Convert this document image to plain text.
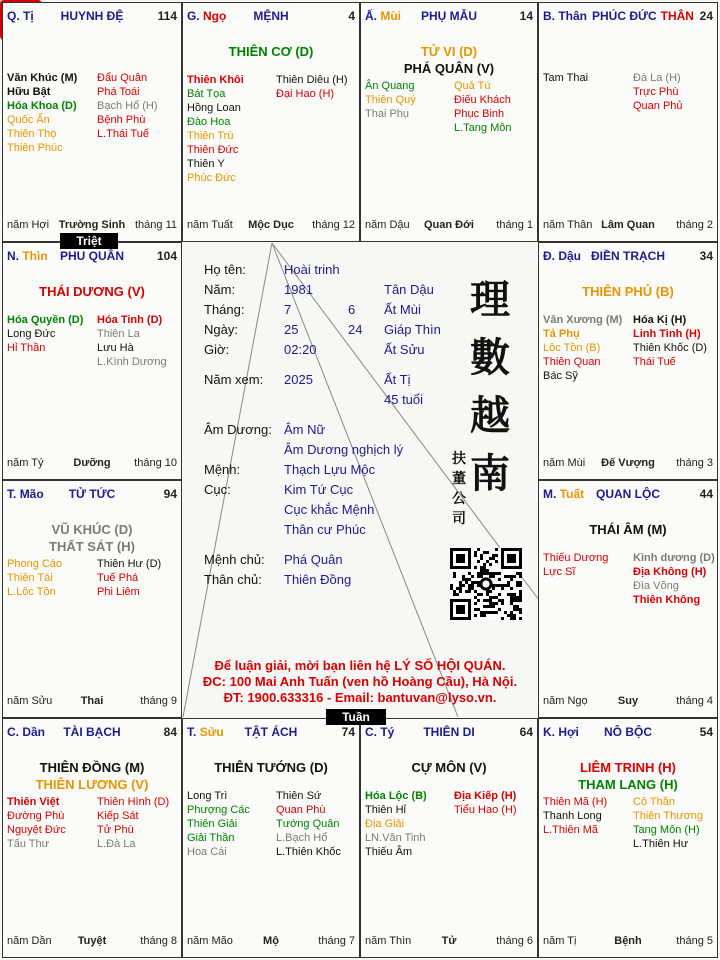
Q. Tị	HUYNH ĐỆ	114
Văn Khúc (M)
Hữu Bật
Hóa Khoa (D)
Quốc Ấn
Thiên Thọ
Thiên Phúc
Đẩu Quân
Phá Toái
Bạch Hổ (H)
Bệnh Phù
L.Thái Tuế
năm Hợi Trường Sinh tháng 11
G. Ngọ	MỆNH	4
THIÊN CƠ (D)
Thiên Khôi
Bát Tọa
Hồng Loan
Đào Hoa
Thiên Trù
Thiên Đức
Thiên Y
Phúc Đức
Thiên Diêu (H)
Đại Hao (H)
năm Tuất	Mộc Dục	tháng 12
Ấ. Mùi	PHỤ MẪU	14
TỬ VI (D)
PHÁ QUÂN (V)
Ân Quang
Thiên Quý
Thai Phụ
Quả Tú
Điếu Khách
Phục Binh
L.Tang Môn
năm Dậu	Quan Đới	tháng 1
B. Thân PHÚC ĐỨC THÂN 24
Tam Thai	Đà La (H)
Trực Phù
Quan Phủ
năm Thân Lâm Quan	tháng 2
N. Thìn	PHU QUÂN	104
THÁI DƯƠNG (V)
Hóa Quyền (D)
Long Đức
Hỉ Thần
Hóa Tinh (D)
Thiên La
Lưu Hà
L.Kình Dương
năm Tý	Dưỡng	tháng 10
Đ. Dậu ĐIỀN TRẠCH	34
THIÊN PHỦ (B)
Văn Xương (M)
Tả Phụ
Lộc Tồn (B)
Thiên Quan
Bác Sỹ
Hóa Kị (H)
Linh Tinh (H)
Thiên Khốc (D)
Thái Tuế
năm Mùi	Đế Vượng	tháng 3
T. Mão	TỬ TỨC	94
VŨ KHÚC (D)
THẤT SÁT (H)
Phong Cáo
Thiên Tài
L.Lộc Tồn
Thiên Hư (D)
Tuế Phá
Phi Liêm
năm Sửu	Thai	tháng 9
M. Tuất QUAN LỘC	44
THÁI ÂM (M)
Thiếu Dương
Lực Sĩ
Kình dương (D)
Địa Không (H)
Đìa Võng
Thiên Không
năm Ngọ	Suy	tháng 4
C. Dần	TÀI BẠCH	84
THIÊN ĐỒNG (M)
THIÊN LƯƠNG (V)
Thiên Việt
Đường Phù
Nguyệt Đức
Tấu Thư
Thiên Hình (D)
Kiếp Sát
Tử Phù
L.Đà La
năm Dần	Tuyệt	tháng 8
T. Sửu	TẬT ÁCH	74
THIÊN TƯỚNG (D)
Long Trì
Phượng Các
Thiên Giải
Giải Thần
Hoa Cái
Thiên Sứ
Quan Phù
Tướng Quân
L.Bạch Hổ
L.Thiên Khốc
năm Mão	Mộ	tháng 7
C. Tý	THIÊN DI	64
CỰ MÔN (V)
Hóa Lộc (B)
Thiên Hỉ
Địa Giải
LN.Văn Tinh
Thiếu Âm
Địa Kiếp (H)
Tiểu Hao (H)
năm Thìn	Tử	tháng 6
K. Hợi	NÔ BỘC	54
LIÊM TRINH (H)
THAM LANG (H)
Thiên Mã (H)
Thanh Long
L.Thiên Mã
Cô Thần
Thiên Thương
Tang Môn (H)
L.Thiên Hư
năm Tị	Bệnh	tháng 5
Họ tên:	Hoài trinh
Năm:	1981	Tân Dậu
Tháng:	7	6 Ất Mùi
Ngày:	25	24 Giáp Thìn
Giờ:	02:20	Ất Sửu
Năm xem: 2025	Ất Tị
45 tuổi
Âm Dương: Âm Nữ
Âm Dương nghịch lý
Mệnh:	Thạch Lựu Mộc
Cục:	Kim Tứ Cục
Cục khắc Mệnh
Thân cư Phúc
Mệnh chủ: Phá Quân
Thân chủ: Thiên Đồng
理
數
越
南
扶
董
公
司
Để luận giải, mời bạn liên hệ LÝ SỐ HỘI QUÁN.
ĐC: 100 Mai Anh Tuấn (ven hồ Hoàng Cầu), Hà Nội.
ĐT: 1900.633316 - Email: bantuvan@lyso.vn.
Triệt
Tuần
